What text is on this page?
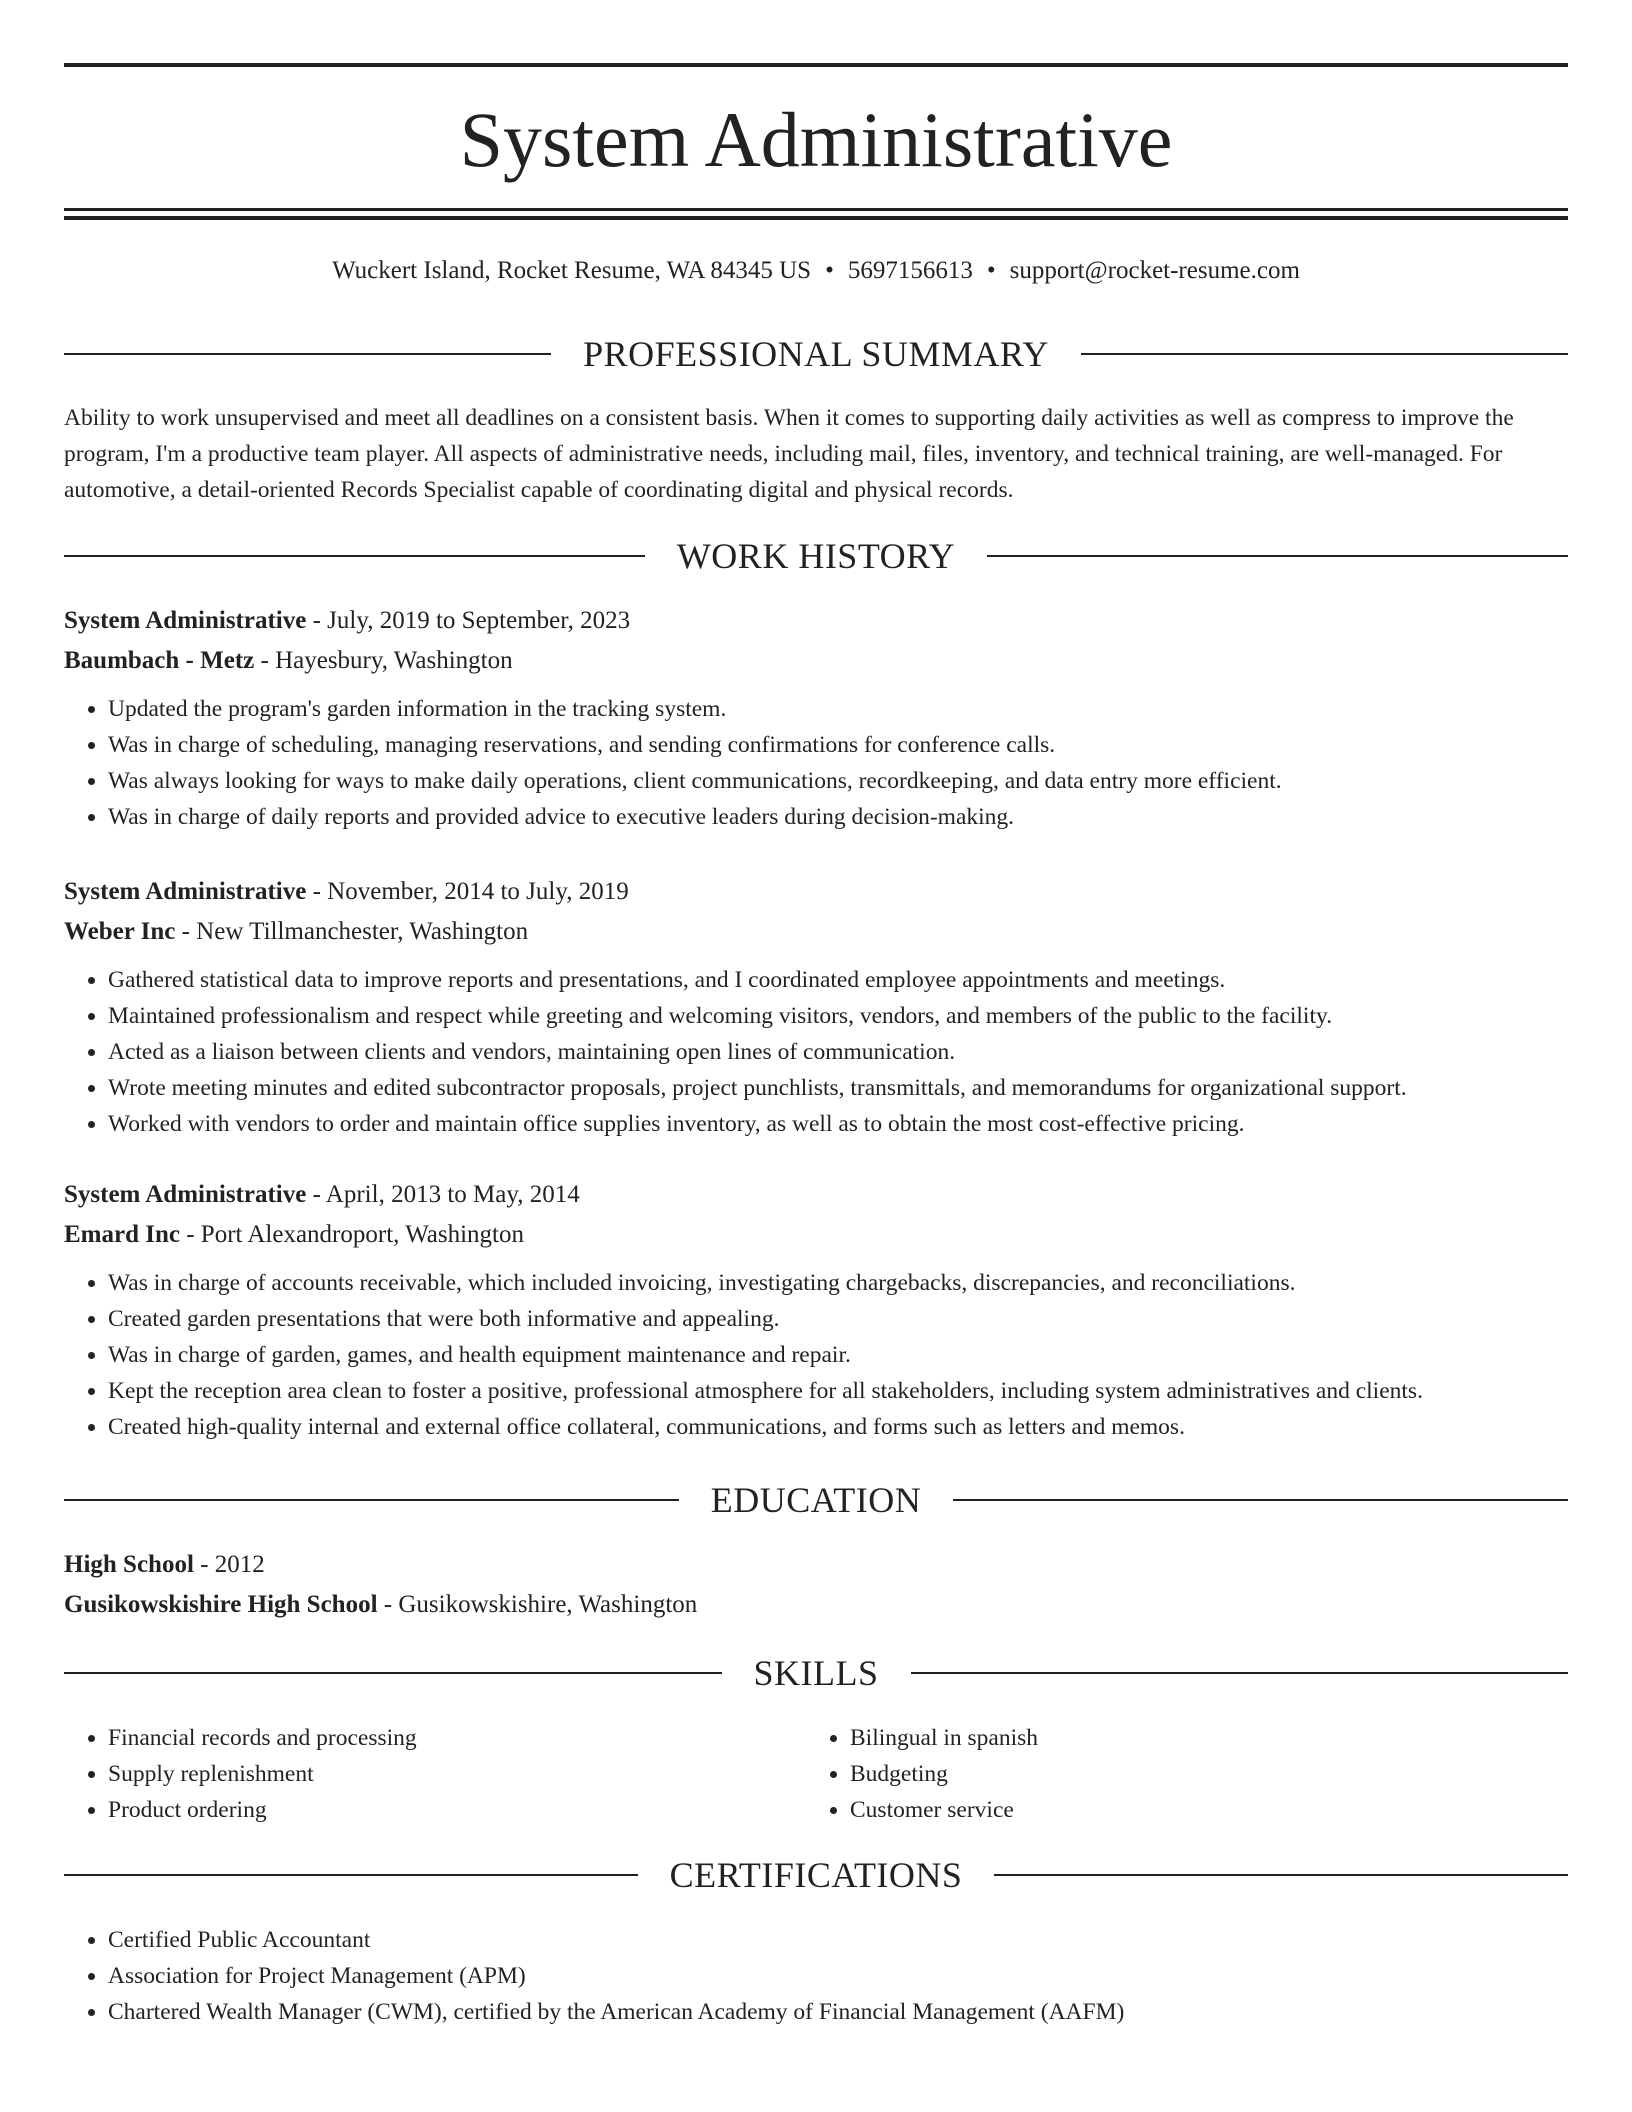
System Administrative
Wuckert Island, Rocket Resume, WA 84345 US • 5697156613 • support@rocket-resume.com
PROFESSIONAL SUMMARY

Ability to work unsupervised and meet all deadlines on a consistent basis. When it comes to supporting daily activities as well as compress to improve the program, I'm a productive team player. All aspects of administrative needs, including mail, files, inventory, and technical training, are well-managed. For automotive, a detail-oriented Records Specialist capable of coordinating digital and physical records.

WORK HISTORY
System Administrative - July, 2019 to September, 2023
Baumbach - Metz - Hayesbury, Washington
• Updated the program's garden information in the tracking system.
• Was in charge of scheduling, managing reservations, and sending confirmations for conference calls.
• Was always looking for ways to make daily operations, client communications, recordkeeping, and data entry more efficient.
• Was in charge of daily reports and provided advice to executive leaders during decision-making.
System Administrative - November, 2014 to July, 2019
Weber Inc - New Tillmanchester, Washington
• Gathered statistical data to improve reports and presentations, and I coordinated employee appointments and meetings.
• Maintained professionalism and respect while greeting and welcoming visitors, vendors, and members of the public to the facility.
• Acted as a liaison between clients and vendors, maintaining open lines of communication.
• Wrote meeting minutes and edited subcontractor proposals, project punchlists, transmittals, and memorandums for organizational support.
• Worked with vendors to order and maintain office supplies inventory, as well as to obtain the most cost-effective pricing.
System Administrative - April, 2013 to May, 2014
Emard Inc - Port Alexandroport, Washington
• Was in charge of accounts receivable, which included invoicing, investigating chargebacks, discrepancies, and reconciliations.
• Created garden presentations that were both informative and appealing.
• Was in charge of garden, games, and health equipment maintenance and repair.
• Kept the reception area clean to foster a positive, professional atmosphere for all stakeholders, including system administratives and clients.
• Created high-quality internal and external office collateral, communications, and forms such as letters and memos.
EDUCATION
High School - 2012
Gusikowskishire High School - Gusikowskishire, Washington
SKILLS
• Financial records and processing
• Supply replenishment
• Product ordering
• Bilingual in spanish
• Budgeting
• Customer service
CERTIFICATIONS
• Certified Public Accountant
• Association for Project Management (APM)
• Chartered Wealth Manager (CWM), certified by the American Academy of Financial Management (AAFM)
